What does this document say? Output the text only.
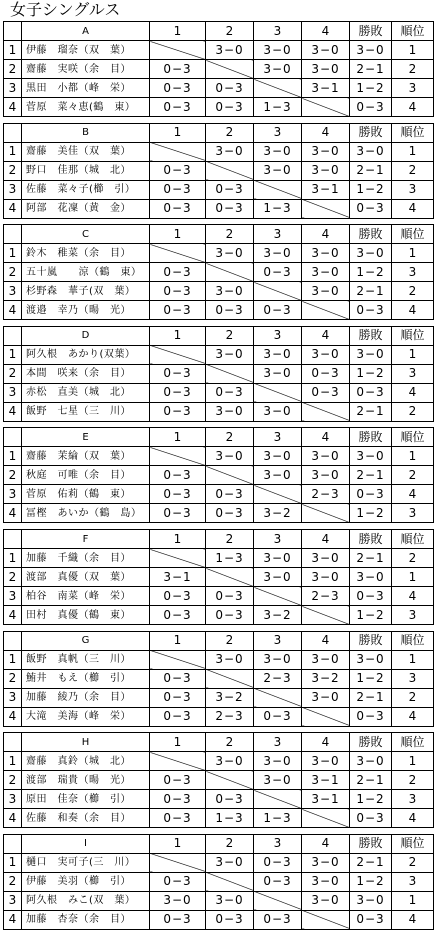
女子シングルス
	A	1	2	3	4	勝敗	順位
1	伊藤　瑠奈（双　葉）		3−0	3−0	3−0	3−0	1
2	齋藤　実咲（余　目）	0−3		3−0	3−0	2−1	2
3	黒田　小都（峰　栄）	0−3	0−3		3−1	1−2	3
4	菅原　菜々恵(鶴　東）	0−3	0−3	1−3		0−3	4
	B	1	2	3	4	勝敗	順位
1	齋藤　美佳（双　葉）		3−0	3−0	3−0	3−0	1
2	野口　佳那（城　北）	0−3		3−0	3−0	2−1	2
3	佐藤　菜々子(櫛　引）	0−3	0−3		3−1	1−2	3
4	阿部　花凜（黄　金）	0−3	0−3	1−3		0−3	4
	C	1	2	3	4	勝敗	順位
1	鈴木　稚菜（余　目）		3−0	3−0	3−0	3−0	1
2	五十嵐　　涼（鶴　東）	0−3		0−3	3−0	1−2	3
3	杉野森　華子(双　葉）	0−3	3−0		3−0	2−1	2
4	渡邉　幸乃（暘　光）	0−3	0−3	0−3		0−3	4
	D	1	2	3	4	勝敗	順位
1	阿久根　あかり(双葉）		3−0	3−0	3−0	3−0	1
2	本間　咲来（余　目）	0−3		3−0	0−3	1−2	3
3	赤松　直美（城　北）	0−3	0−3		0−3	0−3	4
4	飯野　七星（三　川）	0−3	3−0	3−0		2−1	2
	E	1	2	3	4	勝敗	順位
1	齋藤　茉綸（双　葉）		3−0	3−0	3−0	3−0	1
2	秋庭　可唯（余　目）	0−3		3−0	3−0	2−1	2
3	菅原　佑莉（鶴　東）	0−3	0−3		2−3	0−3	4
4	冨樫　あいか（鶴　島）	0−3	0−3	3−2		1−2	3
	F	1	2	3	4	勝敗	順位
1	加藤　千織（余　目）		1−3	3−0	3−0	2−1	2
2	渡部　真優（双　葉）	3−1		3−0	3−0	3−0	1
3	柏谷　南菜（峰　栄）	0−3	0−3		2−3	0−3	4
4	田村　真優（鶴　東）	0−3	0−3	3−2		1−2	3
	G	1	2	3	4	勝敗	順位
1	飯野　真帆（三　川）		3−0	3−0	3−0	3−0	1
2	鮪井　もえ（櫛　引）	0−3		2−3	3−2	1−2	3
3	加藤　綾乃（余　目）	0−3	3−2		3−0	2−1	2
4	大滝　美海（峰　栄）	0−3	2−3	0−3		0−3	4
	H	1	2	3	4	勝敗	順位
1	齋藤　真鈴（城　北）		3−0	3−0	3−0	3−0	1
2	渡部　瑞貴（暘　光）	0−3		3−0	3−1	2−1	2
3	原田　佳奈（櫛　引）	0−3	0−3		3−1	1−2	3
4	佐藤　和奏（余　目）	0−3	1−3	1−3		0−3	4
	I	1	2	3	4	勝敗	順位
1	樋口　実可子(三　川）		3−0	0−3	3−0	2−1	2
2	伊藤　美羽（櫛　引）	0−3		0−3	3−0	1−2	3
3	阿久根　みこ(双　葉）	3−0	3−0		3−0	3−0	1
4	加藤　杏奈（余　目）	0−3	0−3	0−3		0−3	4
